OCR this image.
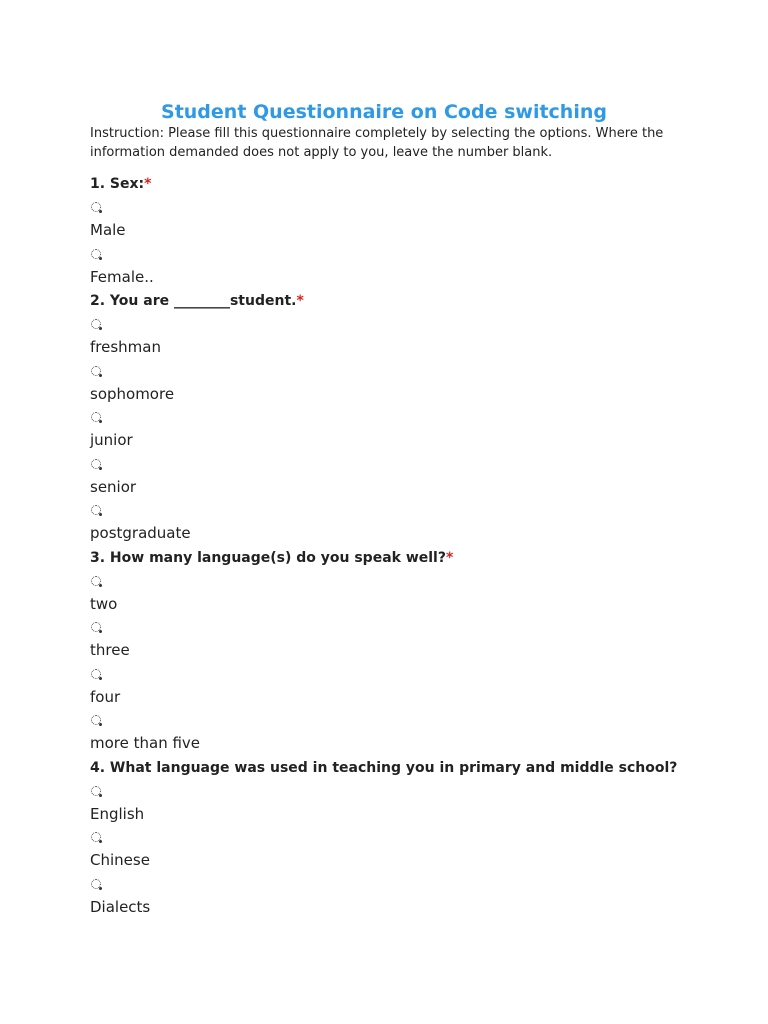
Student Questionnaire on Code switching

Instruction: Please fill this questionnaire completely by selecting the options. Where the information demanded does not apply to you, leave the number blank.

1. Sex:*
Male
Female..
2. You are ________student.*
freshman
sophomore
junior
senior
postgraduate
3. How many language(s) do you speak well?*
two
three
four
more than five
4. What language was used in teaching you in primary and middle school?
English
Chinese
Dialects
